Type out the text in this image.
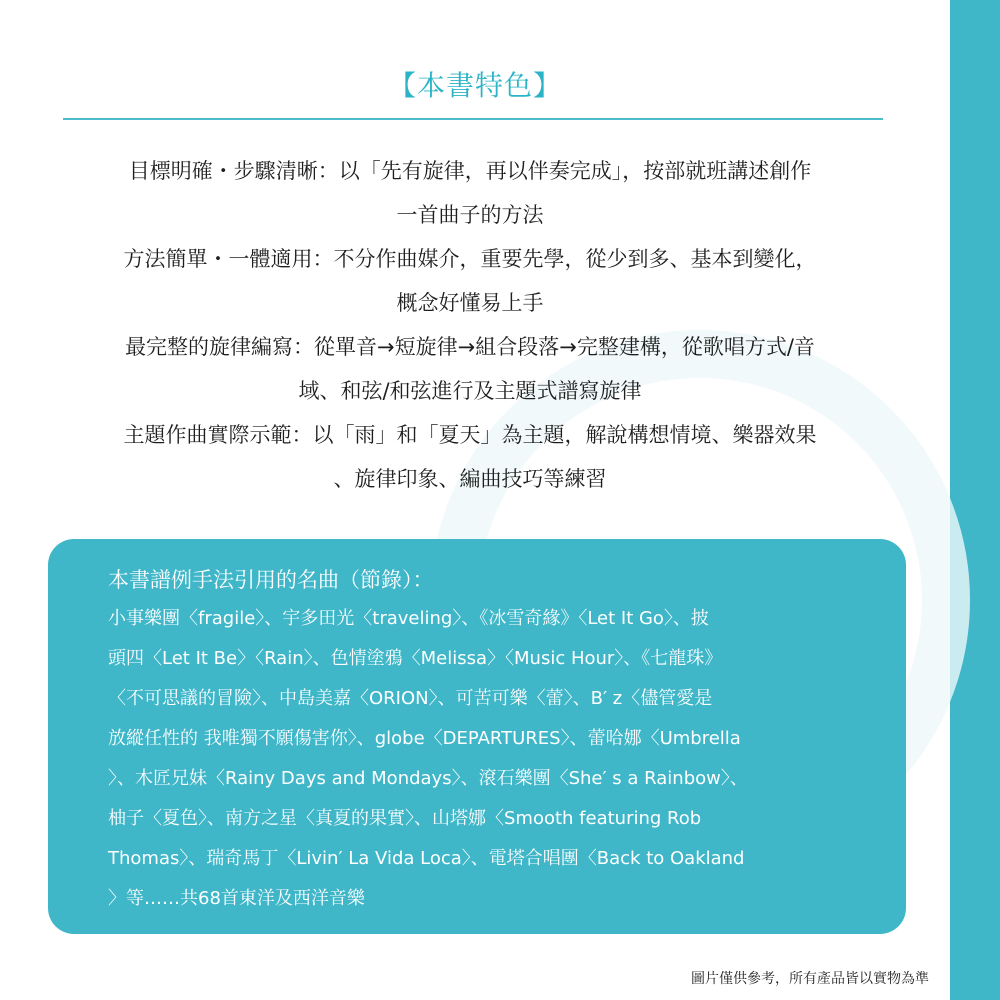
【本書特色】

目標明確・步驟清晰：以「先有旋律，再以伴奏完成」，按部就班講述創作

一首曲子的方法

方法簡單・一體適用：不分作曲媒介，重要先學，從少到多、基本到變化，

概念好懂易上手

最完整的旋律編寫：從單音→短旋律→組合段落→完整建構，從歌唱方式/音

域、和弦/和弦進行及主題式譜寫旋律

主題作曲實際示範：以「雨」和「夏天」為主題，解說構想情境、樂器效果

、旋律印象、編曲技巧等練習

本書譜例手法引用的名曲（節錄）：
小事樂團〈fragile〉、宇多田光〈traveling〉、《冰雪奇緣》〈Let It Go〉、披
頭四〈Let It Be〉〈Rain〉、色情塗鴉〈Melissa〉〈Music Hour〉、《七龍珠》
〈不可思議的冒險〉、中島美嘉〈ORION〉、可苦可樂〈蕾〉、B′ z〈儘管愛是
放縱任性的 我唯獨不願傷害你〉、globe〈DEPARTURES〉、蕾哈娜〈Umbrella
〉、木匠兄妹〈Rainy Days and Mondays〉、滾石樂團〈She′ s a Rainbow〉、
柚子〈夏色〉、南方之星〈真夏的果實〉、山塔娜〈Smooth featuring Rob
Thomas〉、瑞奇馬丁〈Livin′ La Vida Loca〉、電塔合唱團〈Back to Oakland
〉等……共68首東洋及西洋音樂
圖片僅供參考，所有產品皆以實物為準
